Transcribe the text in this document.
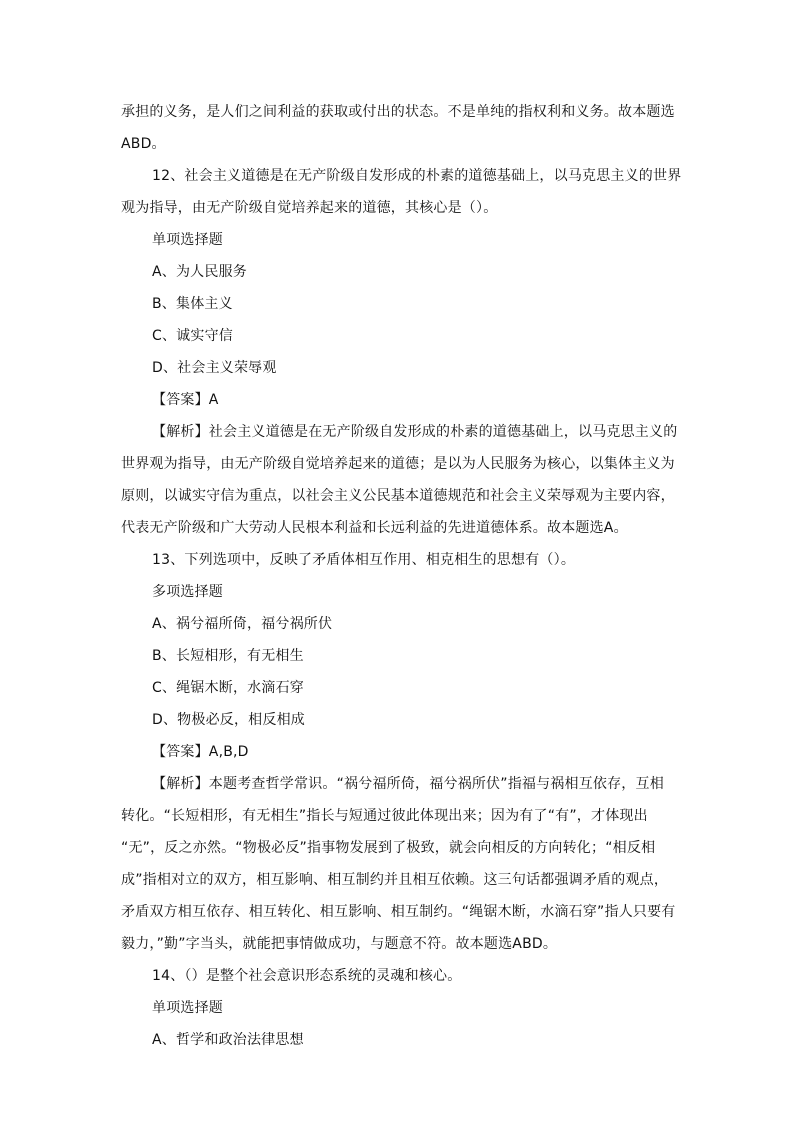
承担的义务，是人们之间利益的获取或付出的状态。不是单纯的指权利和义务。故本题选
ABD。
12、社会主义道德是在无产阶级自发形成的朴素的道德基础上，以马克思主义的世界
观为指导，由无产阶级自觉培养起来的道德，其核心是（）。
单项选择题
A、为人民服务
B、集体主义
C、诚实守信
D、社会主义荣辱观
【答案】A
【解析】社会主义道德是在无产阶级自发形成的朴素的道德基础上，以马克思主义的
世界观为指导，由无产阶级自觉培养起来的道德；是以为人民服务为核心，以集体主义为
原则，以诚实守信为重点，以社会主义公民基本道德规范和社会主义荣辱观为主要内容，
代表无产阶级和广大劳动人民根本利益和长远利益的先进道德体系。故本题选A。
13、下列选项中，反映了矛盾体相互作用、相克相生的思想有（）。
多项选择题
A、祸兮福所倚，福兮祸所伏
B、长短相形，有无相生
C、绳锯木断，水滴石穿
D、物极必反，相反相成
【答案】A,B,D
【解析】本题考查哲学常识。“祸兮福所倚，福兮祸所伏”指福与祸相互依存，互相
转化。“长短相形，有无相生”指长与短通过彼此体现出来；因为有了“有”，才体现出
“无”，反之亦然。“物极必反”指事物发展到了极致，就会向相反的方向转化；“相反相
成”指相对立的双方，相互影响、相互制约并且相互依赖。这三句话都强调矛盾的观点，
矛盾双方相互依存、相互转化、相互影响、相互制约。“绳锯木断，水滴石穿”指人只要有
毅力，”勤”字当头，就能把事情做成功，与题意不符。故本题选ABD。
14、（）是整个社会意识形态系统的灵魂和核心。
单项选择题
A、哲学和政治法律思想
